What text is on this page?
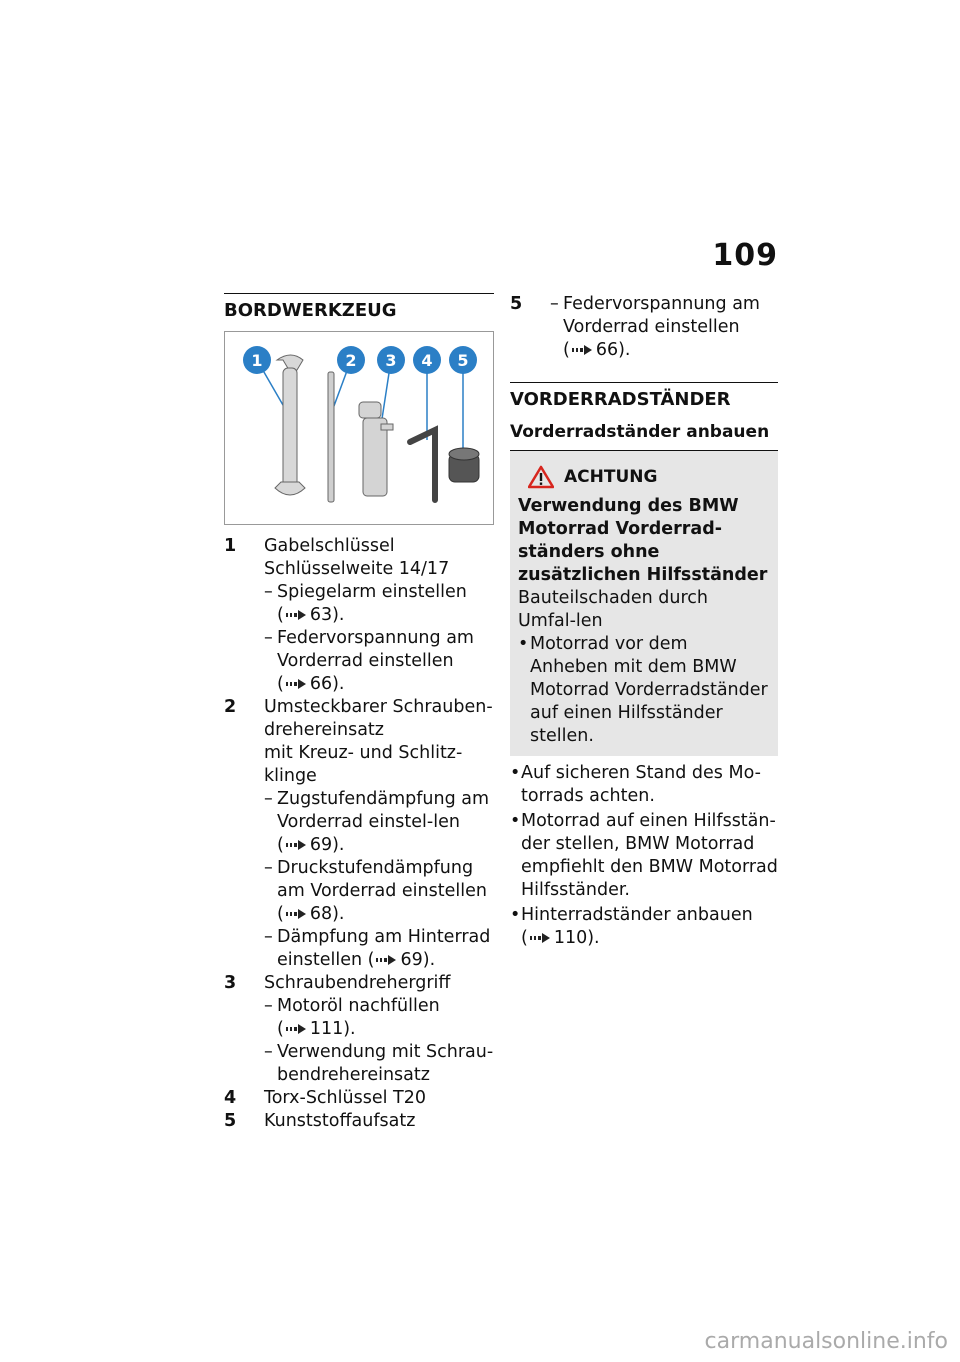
109
BORDWERKZEUG
1	2 3 4 5
1	Gabelschlüssel
Schlüsselweite 14/17
– Spiegelarm einstellen ( 63).
– Federvorspannung am Vorderrad einstellen ( 66).
2	Umsteckbarer Schrauben-drehereinsatz
mit Kreuz- und Schlitz-klinge
– Zugstufendämpfung am Vorderrad einstel-len ( 69).
– Druckstufendämpfung am Vorderrad einstellen ( 68).
– Dämpfung am Hinterrad einstellen ( 69).
3	Schraubendrehergriff
– Motoröl nachfüllen ( 111).
– Verwendung mit Schrau-bendrehereinsatz
4	Torx-Schlüssel T20
5	Kunststoffaufsatz
5	– Federvorspannung am Vorderrad einstellen ( 66).
VORDERRADSTÄNDER
Vorderradständer anbauen
ACHTUNG
Verwendung des BMW Motorrad Vorderrad-ständers ohne zusätzlichen Hilfsständer
Bauteilschaden durch Umfal-len
• Motorrad vor dem Anheben mit dem BMW Motorrad Vorderradständer auf einen Hilfsständer stellen.
• Auf sicheren Stand des Mo-torrads achten.
• Motorrad auf einen Hilfsstän-der stellen, BMW Motorrad empfiehlt den BMW Motorrad Hilfsständer.
• Hinterradständer anbauen ( 110).
carmanualsonline.info
